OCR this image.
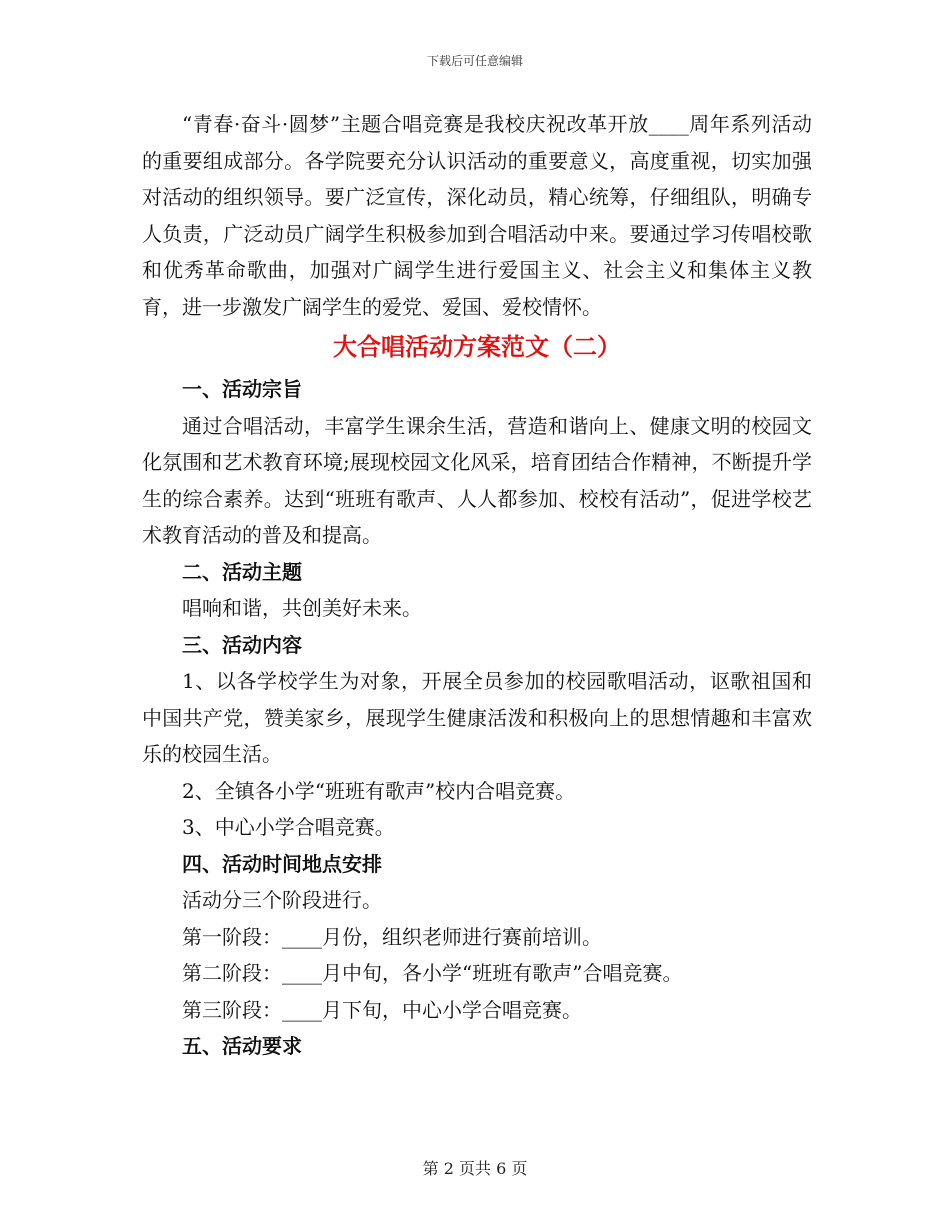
下载后可任意编辑

“青春·奋斗·圆梦”主题合唱竞赛是我校庆祝改革开放____周年系列活动的重要组成部分。各学院要充分认识活动的重要意义，高度重视，切实加强对活动的组织领导。要广泛宣传，深化动员，精心统筹，仔细组队，明确专人负责，广泛动员广阔学生积极参加到合唱活动中来。要通过学习传唱校歌和优秀革命歌曲，加强对广阔学生进行爱国主义、社会主义和集体主义教育，进一步激发广阔学生的爱党、爱国、爱校情怀。

大合唱活动方案范文（二）

一、活动宗旨

通过合唱活动，丰富学生课余生活，营造和谐向上、健康文明的校园文化氛围和艺术教育环境;展现校园文化风采，培育团结合作精神，不断提升学生的综合素养。达到“班班有歌声、人人都参加、校校有活动”，促进学校艺术教育活动的普及和提高。

二、活动主题

唱响和谐，共创美好未来。

三、活动内容

1、以各学校学生为对象，开展全员参加的校园歌唱活动，讴歌祖国和中国共产党，赞美家乡，展现学生健康活泼和积极向上的思想情趣和丰富欢乐的校园生活。

2、全镇各小学“班班有歌声”校内合唱竞赛。

3、中心小学合唱竞赛。

四、活动时间地点安排

活动分三个阶段进行。

第一阶段：____月份，组织老师进行赛前培训。

第二阶段：____月中旬，各小学“班班有歌声”合唱竞赛。

第三阶段：____月下旬，中心小学合唱竞赛。

五、活动要求

第 2 页共 6 页
